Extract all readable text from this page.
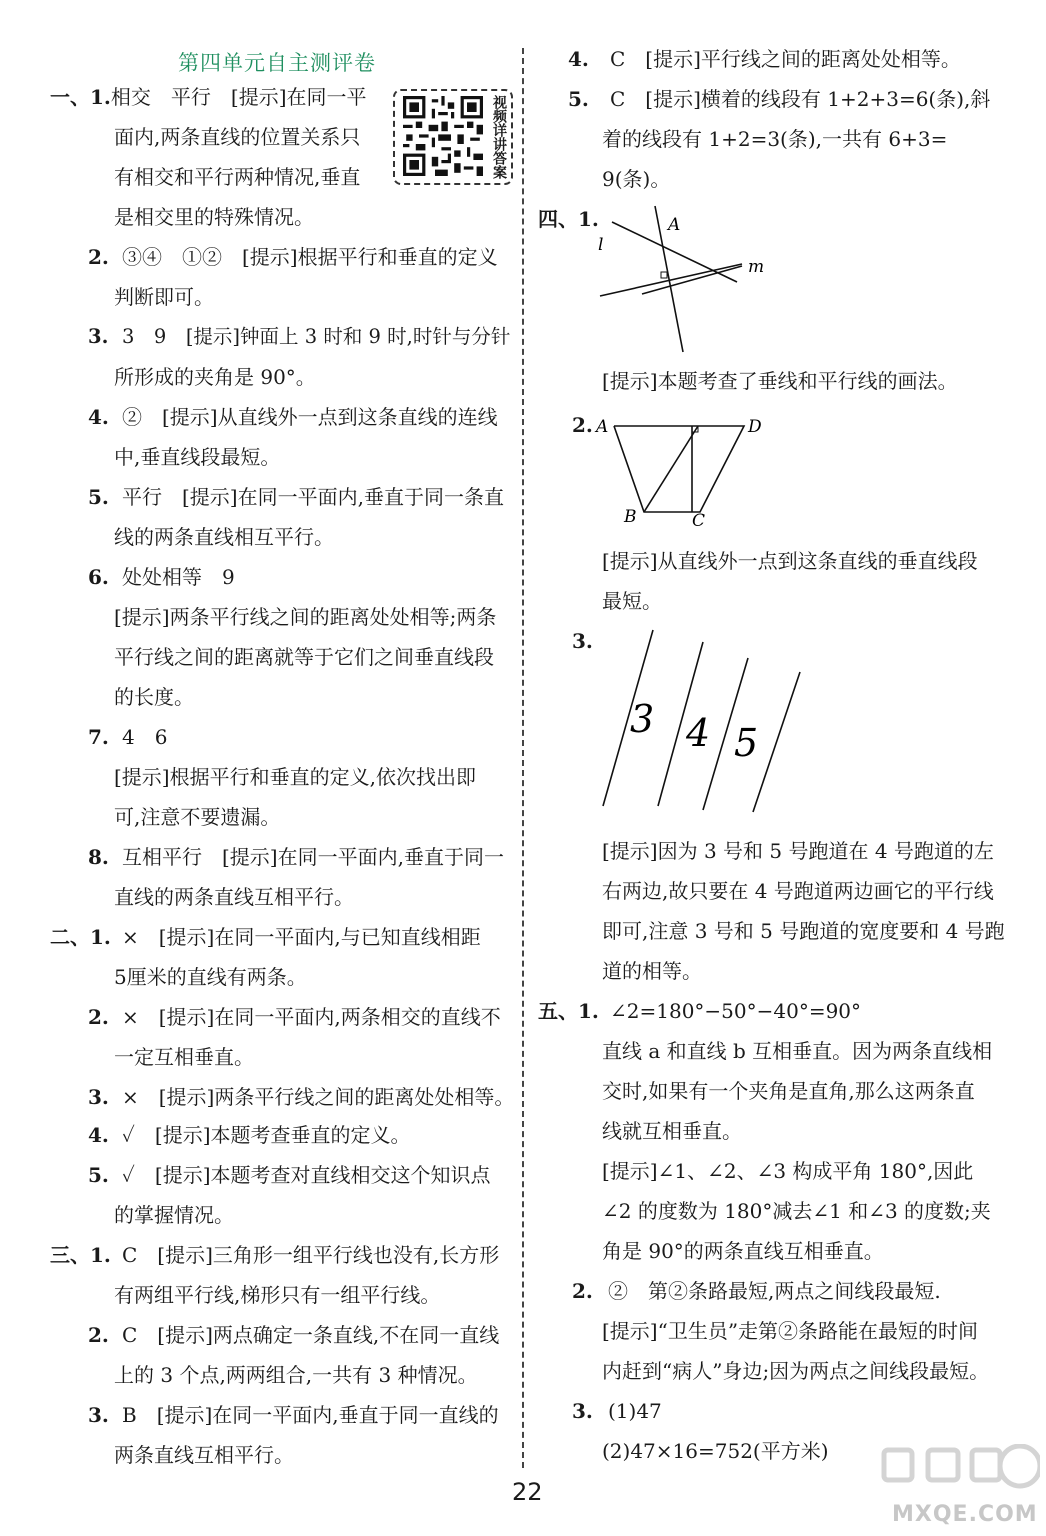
第四单元自主测评卷
视频详讲答案
一、1.相交　平行　[提示]在同一平
面内,两条直线的位置关系只
有相交和平行两种情况,垂直
是相交里的特殊情况。
2. ③④　①②　[提示]根据平行和垂直的定义
判断即可。
3. 3　9　[提示]钟面上 3 时和 9 时,时针与分针
所形成的夹角是 90°。
4. ②　[提示]从直线外一点到这条直线的连线
中,垂直线段最短。
5. 平行　[提示]在同一平面内,垂直于同一条直
线的两条直线相互平行。
6. 处处相等　9
[提示]两条平行线之间的距离处处相等;两条
平行线之间的距离就等于它们之间垂直线段
的长度。
7. 4　6
[提示]根据平行和垂直的定义,依次找出即
可,注意不要遗漏。
8. 互相平行　[提示]在同一平面内,垂直于同一
直线的两条直线互相平行。
二、1. ×　[提示]在同一平面内,与已知直线相距
5厘米的直线有两条。
2. ×　[提示]在同一平面内,两条相交的直线不
一定互相垂直。
3. ×　[提示]两条平行线之间的距离处处相等。
4. ✓　[提示]本题考查垂直的定义。
5. ✓　[提示]本题考查对直线相交这个知识点
的掌握情况。
三、1. C　[提示]三角形一组平行线也没有,长方形
有两组平行线,梯形只有一组平行线。
2. C　[提示]两点确定一条直线,不在同一直线
上的 3 个点,两两组合,一共有 3 种情况。
3. B　[提示]在同一平面内,垂直于同一直线的
两条直线互相平行。
4. C　[提示]平行线之间的距离处处相等。
5. C　[提示]横着的线段有 1+2+3=6(条),斜
着的线段有 1+2=3(条),一共有 6+3=
9(条)。
四、1.
[提示]本题考查了垂线和平行线的画法。
2.
[提示]从直线外一点到这条直线的垂直线段
最短。
3.
[提示]因为 3 号和 5 号跑道在 4 号跑道的左
右两边,故只要在 4 号跑道两边画它的平行线
即可,注意 3 号和 5 号跑道的宽度要和 4 号跑
道的相等。
五、1. ∠2=180°−50°−40°=90°
直线 a 和直线 b 互相垂直。因为两条直线相
交时,如果有一个夹角是直角,那么这两条直
线就互相垂直。
[提示]∠1、∠2、∠3 构成平角 180°,因此
∠2 的度数为 180°减去∠1 和∠3 的度数;夹
角是 90°的两条直线互相垂直。
2. ②　第②条路最短,两点之间线段最短.
[提示]“卫生员”走第②条路能在最短的时间
内赶到“病人”身边;因为两点之间线段最短。
3. (1)47
(2)47×16=752(平方米)
A
l
m
A	D
B	C
3 4 5
22
MXQE.COM
